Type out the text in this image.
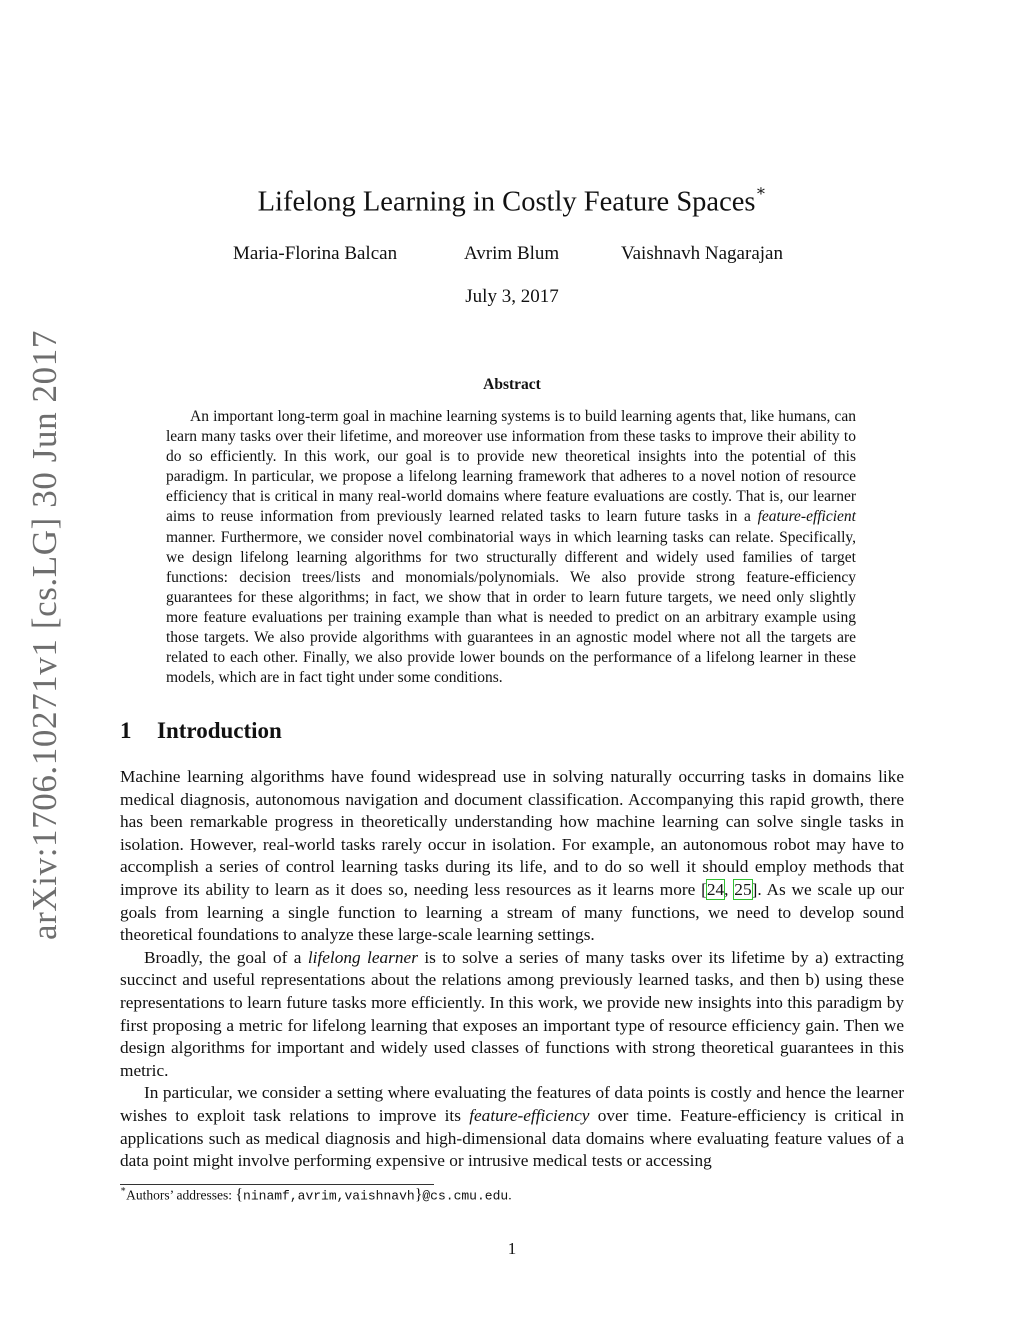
arXiv:1706.10271v1 [cs.LG] 30 Jun 2017
Lifelong Learning in Costly Feature Spaces∗
Maria-Florina Balcan	Avrim Blum	Vaishnavh Nagarajan
July 3, 2017
Abstract
An important long-term goal in machine learning systems is to build learning agents that, like humans, can learn many tasks over their lifetime, and moreover use information from these tasks to improve their ability to do so efficiently. In this work, our goal is to provide new theoretical insights into the potential of this paradigm. In particular, we propose a lifelong learning framework that adheres to a novel notion of resource efficiency that is critical in many real-world domains where feature evaluations are costly. That is, our learner aims to reuse information from previously learned related tasks to learn future tasks in a feature-efficient manner. Furthermore, we consider novel combinatorial ways in which learning tasks can relate. Specifically, we design lifelong learning algorithms for two structurally different and widely used families of target functions: decision trees/lists and monomials/polynomials. We also provide strong feature-efficiency guarantees for these algorithms; in fact, we show that in order to learn future targets, we need only slightly more feature evaluations per training example than what is needed to predict on an arbitrary example using those targets. We also provide algorithms with guarantees in an agnostic model where not all the targets are related to each other. Finally, we also provide lower bounds on the performance of a lifelong learner in these models, which are in fact tight under some conditions.
1 Introduction

Machine learning algorithms have found widespread use in solving naturally occurring tasks in domains like medical diagnosis, autonomous navigation and document classification. Accompanying this rapid growth, there has been remarkable progress in theoretically understanding how machine learning can solve single tasks in isolation. However, real-world tasks rarely occur in isolation. For example, an autonomous robot may have to accomplish a series of control learning tasks during its life, and to do so well it should employ methods that improve its ability to learn as it does so, needing less resources as it learns more [24, 25]. As we scale up our goals from learning a single function to learning a stream of many functions, we need to develop sound theoretical foundations to analyze these large-scale learning settings.

Broadly, the goal of a lifelong learner is to solve a series of many tasks over its lifetime by a) extracting succinct and useful representations about the relations among previously learned tasks, and then b) using these representations to learn future tasks more efficiently. In this work, we provide new insights into this paradigm by first proposing a metric for lifelong learning that exposes an important type of resource efficiency gain. Then we design algorithms for important and widely used classes of functions with strong theoretical guarantees in this metric.

In particular, we consider a setting where evaluating the features of data points is costly and hence the learner wishes to exploit task relations to improve its feature-efficiency over time. Feature-efficiency is critical in applications such as medical diagnosis and high-dimensional data domains where evaluating feature values of a data point might involve performing expensive or intrusive medical tests or accessing

∗Authors’ addresses: {ninamf,avrim,vaishnavh}@cs.cmu.edu.
1
